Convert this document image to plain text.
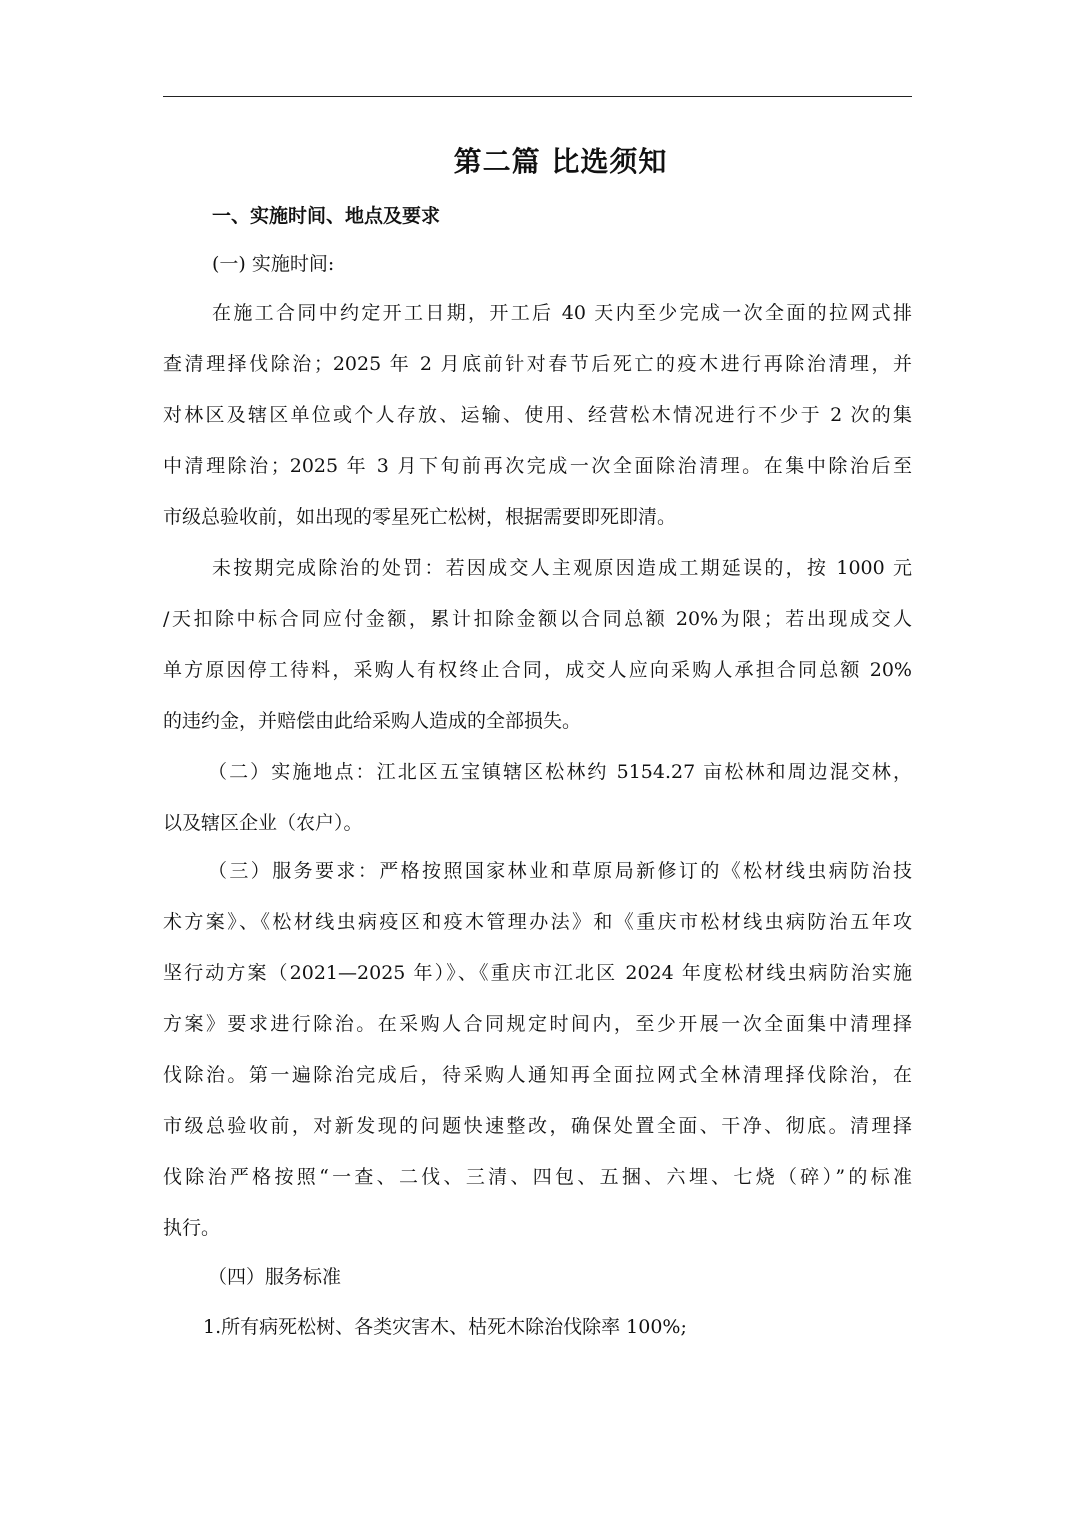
第二篇 比选须知
一、实施时间、地点及要求
(一) 实施时间:
在施工合同中约定开工日期，开工后 40 天内至少完成一次全面的拉网式排
查清理择伐除治；2025 年 2 月底前针对春节后死亡的疫木进行再除治清理，并
对林区及辖区单位或个人存放、运输、使用、经营松木情况进行不少于 2 次的集
中清理除治；2025 年 3 月下旬前再次完成一次全面除治清理。在集中除治后至
市级总验收前，如出现的零星死亡松树，根据需要即死即清。
未按期完成除治的处罚：若因成交人主观原因造成工期延误的，按 1000 元
/天扣除中标合同应付金额，累计扣除金额以合同总额 20%为限；若出现成交人
单方原因停工待料，采购人有权终止合同，成交人应向采购人承担合同总额 20%
的违约金，并赔偿由此给采购人造成的全部损失。
（二）实施地点：江北区五宝镇辖区松林约 5154.27 亩松林和周边混交林，
以及辖区企业（农户）。
（三）服务要求：严格按照国家林业和草原局新修订的《松材线虫病防治技
术方案》、《松材线虫病疫区和疫木管理办法》和《重庆市松材线虫病防治五年攻
坚行动方案（2021—2025 年）》、《重庆市江北区 2024 年度松材线虫病防治实施
方案》要求进行除治。在采购人合同规定时间内，至少开展一次全面集中清理择
伐除治。第一遍除治完成后，待采购人通知再全面拉网式全林清理择伐除治，在
市级总验收前，对新发现的问题快速整改，确保处置全面、干净、彻底。清理择
伐除治严格按照“一查、二伐、三清、四包、五捆、六埋、七烧（碎）”的标准
执行。
（四）服务标准
1.所有病死松树、各类灾害木、枯死木除治伐除率 100%;
